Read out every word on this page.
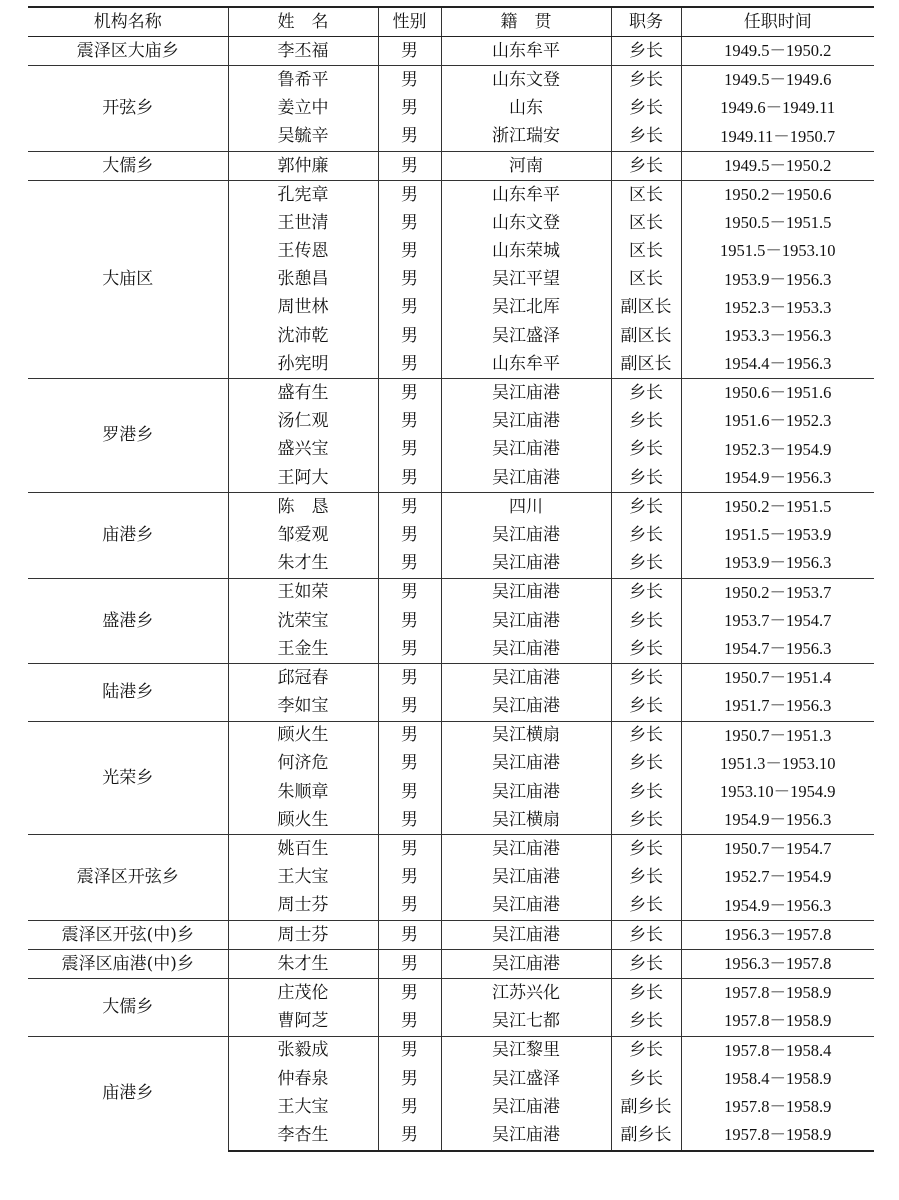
机构名称	姓　名	性别	籍　贯	职务	任职时间
震泽区大庙乡	李丕福	男	山东牟平	乡长	1949.5－1950.2
开弦乡	鲁希平	男	山东文登	乡长	1949.5－1949.6
	姜立中	男	山东	乡长	1949.6－1949.11
	吴毓辛	男	浙江瑞安	乡长	1949.11－1950.7
大儒乡	郭仲廉	男	河南	乡长	1949.5－1950.2
大庙区	孔宪章	男	山东牟平	区长	1950.2－1950.6
	王世清	男	山东文登	区长	1950.5－1951.5
	王传恩	男	山东荣城	区长	1951.5－1953.10
	张憩昌	男	吴江平望	区长	1953.9－1956.3
	周世林	男	吴江北厍	副区长	1952.3－1953.3
	沈沛乾	男	吴江盛泽	副区长	1953.3－1956.3
	孙宪明	男	山东牟平	副区长	1954.4－1956.3
罗港乡	盛有生	男	吴江庙港	乡长	1950.6－1951.6
	汤仁观	男	吴江庙港	乡长	1951.6－1952.3
	盛兴宝	男	吴江庙港	乡长	1952.3－1954.9
	王阿大	男	吴江庙港	乡长	1954.9－1956.3
庙港乡	陈　恳	男	四川	乡长	1950.2－1951.5
	邹爱观	男	吴江庙港	乡长	1951.5－1953.9
	朱才生	男	吴江庙港	乡长	1953.9－1956.3
盛港乡	王如荣	男	吴江庙港	乡长	1950.2－1953.7
	沈荣宝	男	吴江庙港	乡长	1953.7－1954.7
	王金生	男	吴江庙港	乡长	1954.7－1956.3
陆港乡	邱冠春	男	吴江庙港	乡长	1950.7－1951.4
	李如宝	男	吴江庙港	乡长	1951.7－1956.3
光荣乡	顾火生	男	吴江横扇	乡长	1950.7－1951.3
	何济危	男	吴江庙港	乡长	1951.3－1953.10
	朱顺章	男	吴江庙港	乡长	1953.10－1954.9
	顾火生	男	吴江横扇	乡长	1954.9－1956.3
震泽区开弦乡	姚百生	男	吴江庙港	乡长	1950.7－1954.7
	王大宝	男	吴江庙港	乡长	1952.7－1954.9
	周士芬	男	吴江庙港	乡长	1954.9－1956.3
震泽区开弦(中)乡	周士芬	男	吴江庙港	乡长	1956.3－1957.8
震泽区庙港(中)乡	朱才生	男	吴江庙港	乡长	1956.3－1957.8
大儒乡	庄茂伦	男	江苏兴化	乡长	1957.8－1958.9
	曹阿芝	男	吴江七都	乡长	1957.8－1958.9
庙港乡	张毅成	男	吴江黎里	乡长	1957.8－1958.4
	仲春泉	男	吴江盛泽	乡长	1958.4－1958.9
	王大宝	男	吴江庙港	副乡长	1957.8－1958.9
	李杏生	男	吴江庙港	副乡长	1957.8－1958.9
